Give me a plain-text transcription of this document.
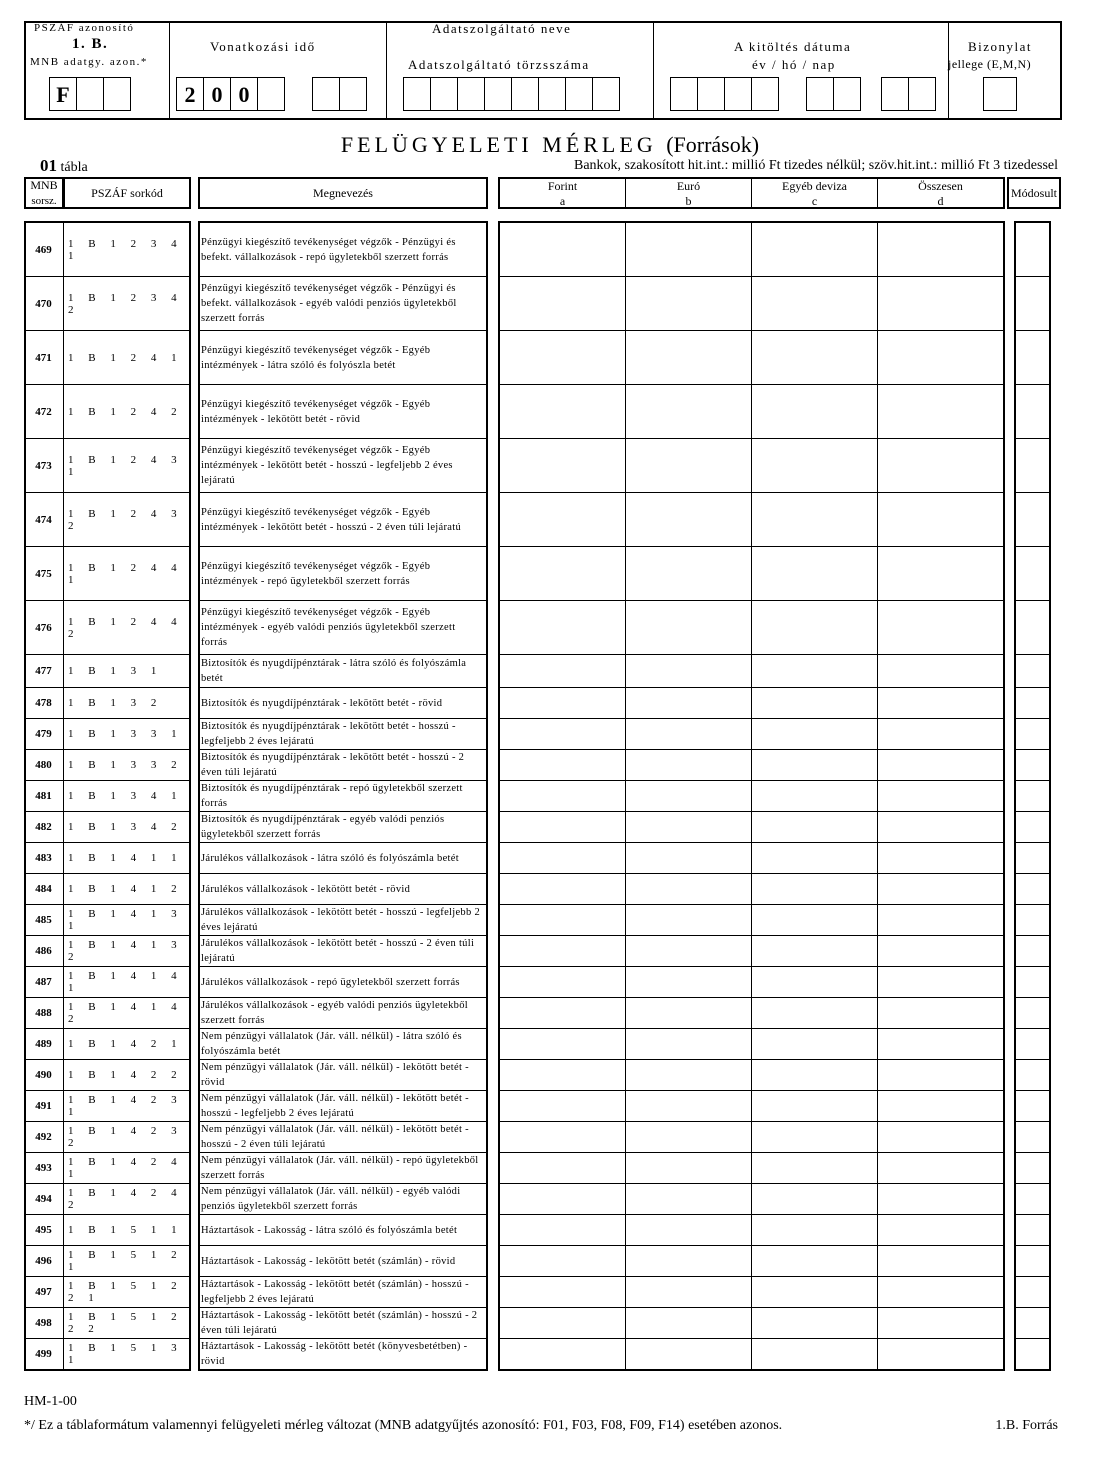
PSZÁF azonosító
1. B.
MNB adatgy. azon.*
F
Vonatkozási idő
2 0 0
Adatszolgáltató neve
Adatszolgáltató törzsszáma
A kitöltés dátuma
év / hó / nap
Bizonylat
jellege (E,M,N)
FELÜGYELETI MÉRLEG (Források)
01 tábla	Bankok, szakosított hit.int.: millió Ft tizedes nélkül; szöv.hit.int.: millió Ft 3 tizedessel
MNB
sorsz.
PSZÁF sorkód	Megnevezés	Forint
a
Euró
b
Egyéb deviza
c
Összesen
d
Módosult
469	1 B 1 2 3 4 1
Pénzügyi kiegészítő tevékenységet végzők - Pénzügyi és befekt. vállalkozások - repó ügyletekből szerzett forrás
470	1 B 1 2 3 4 2
Pénzügyi kiegészítő tevékenységet végzők - Pénzügyi és befekt. vállalkozások - egyéb valódi penziós ügyletekből szerzett forrás
471	1 B 1 2 4 1
Pénzügyi kiegészítő tevékenységet végzők - Egyéb intézmények - látra szóló és folyószla betét
472	1 B 1 2 4 2
Pénzügyi kiegészítő tevékenységet végzők - Egyéb intézmények - lekötött betét - rövid
473	1 B 1 2 4 3 1
Pénzügyi kiegészítő tevékenységet végzők - Egyéb intézmények - lekötött betét - hosszú - legfeljebb 2 éves lejáratú
474	1 B 1 2 4 3 2
Pénzügyi kiegészítő tevékenységet végzők - Egyéb intézmények - lekötött betét - hosszú - 2 éven túli lejáratú
475	1 B 1 2 4 4 1
Pénzügyi kiegészítő tevékenységet végzők - Egyéb intézmények - repó ügyletekből szerzett forrás
476	1 B 1 2 4 4 2
Pénzügyi kiegészítő tevékenységet végzők - Egyéb intézmények - egyéb valódi penziós ügyletekből szerzett forrás
477	1 B 1 3 1
Biztosítók és nyugdíjpénztárak - látra szóló és folyószámla betét
478	1 B 1 3 2	Biztosítók és nyugdíjpénztárak - lekötött betét - rövid
479	1 B 1 3 3 1
Biztosítók és nyugdíjpénztárak - lekötött betét - hosszú - legfeljebb 2 éves lejáratú
480	1 B 1 3 3 2
Biztosítók és nyugdíjpénztárak - lekötött betét - hosszú - 2 éven túli lejáratú
481	1 B 1 3 4 1
Biztosítók és nyugdíjpénztárak - repó ügyletekből szerzett forrás
482	1 B 1 3 4 2
Biztosítók és nyugdíjpénztárak - egyéb valódi penziós ügyletekből szerzett forrás
483	1 B 1 4 1 1	Járulékos vállalkozások - látra szóló és folyószámla betét
484	1 B 1 4 1 2	Járulékos vállalkozások - lekötött betét - rövid
485	1 B 1 4 1 3 1
Járulékos vállalkozások - lekötött betét - hosszú - legfeljebb 2 éves lejáratú
486	1 B 1 4 1 3 2
Járulékos vállalkozások - lekötött betét - hosszú - 2 éven túli lejáratú
487	1 B 1 4 1 4 1	Járulékos vállalkozások - repó ügyletekből szerzett forrás
488	1 B 1 4 1 4 2
Járulékos vállalkozások - egyéb valódi penziós ügyletekből szerzett forrás
489	1 B 1 4 2 1
Nem pénzügyi vállalatok (Jár. váll. nélkül) - látra szóló és folyószámla betét
490	1 B 1 4 2 2
Nem pénzügyi vállalatok (Jár. váll. nélkül) - lekötött betét - rövid
491	1 B 1 4 2 3 1
Nem pénzügyi vállalatok (Jár. váll. nélkül) - lekötött betét - hosszú - legfeljebb 2 éves lejáratú
492	1 B 1 4 2 3 2
Nem pénzügyi vállalatok (Jár. váll. nélkül) - lekötött betét - hosszú - 2 éven túli lejáratú
493	1 B 1 4 2 4 1
Nem pénzügyi vállalatok (Jár. váll. nélkül) - repó ügyletekből szerzett forrás
494	1 B 1 4 2 4 2
Nem pénzügyi vállalatok (Jár. váll. nélkül) - egyéb valódi penziós ügyletekből szerzett forrás
495	1 B 1 5 1 1	Háztartások - Lakosság - látra szóló és folyószámla betét
496	1 B 1 5 1 2 1	Háztartások - Lakosság - lekötött betét (számlán) - rövid
497	1 B 1 5 1 2 2 1
Háztartások - Lakosság - lekötött betét (számlán) - hosszú - legfeljebb 2 éves lejáratú
498	1 B 1 5 1 2 2 2
Háztartások - Lakosság - lekötött betét (számlán) - hosszú - 2 éven túli lejáratú
499	1 B 1 5 1 3 1
Háztartások - Lakosság - lekötött betét (könyvesbetétben) - rövid
HM-1-00
*/ Ez a táblaformátum valamennyi felügyeleti mérleg változat (MNB adatgyűjtés azonosító: F01, F03, F08, F09, F14) esetében azonos.	1.B. Forrás
